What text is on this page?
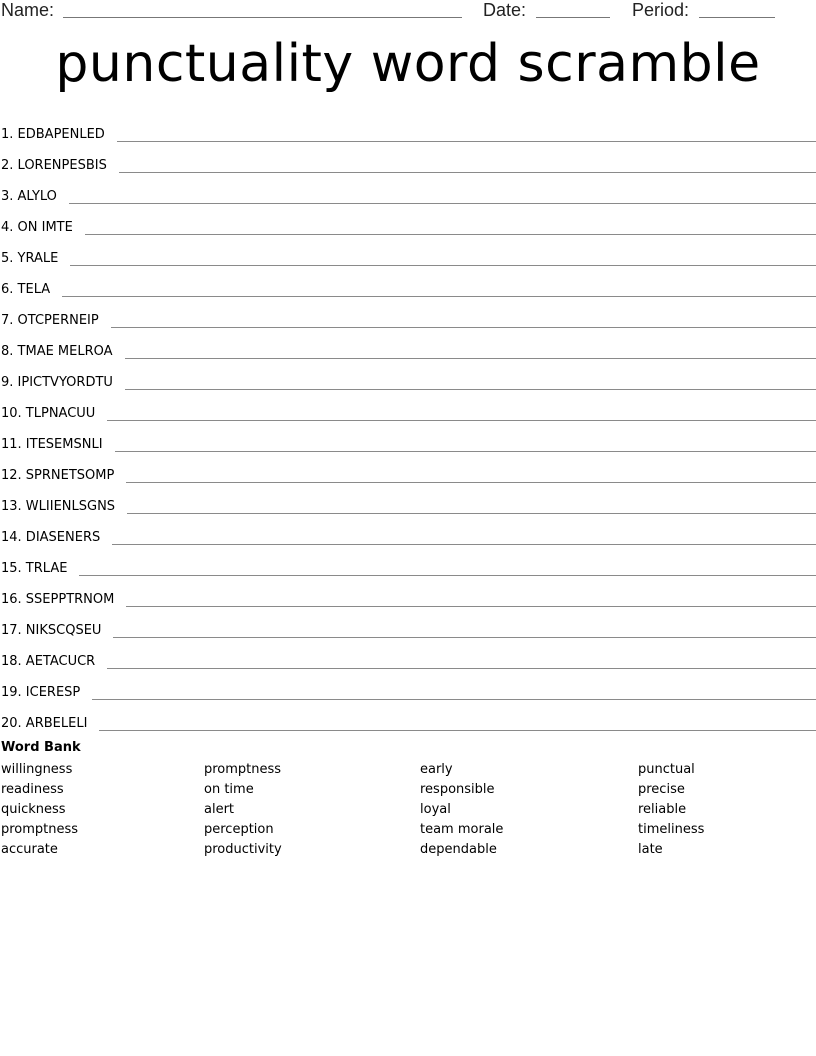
Name:	Date:	Period:
punctuality word scramble
1. EDBAPENLED
2. LORENPESBIS
3. ALYLO
4. ON IMTE
5. YRALE
6. TELA
7. OTCPERNEIP
8. TMAE MELROA
9. IPICTVYORDTU
10. TLPNACUU
11. ITESEMSNLI
12. SPRNETSOMP
13. WLIIENLSGNS
14. DIASENERS
15. TRLAE
16. SSEPPTRNOM
17. NIKSCQSEU
18. AETACUCR
19. ICERESP
20. ARBELELI
Word Bank
willingness
readiness
quickness
promptness
accurate
promptness
on time
alert
perception
productivity
early
responsible
loyal
team morale
dependable
punctual
precise
reliable
timeliness
late
